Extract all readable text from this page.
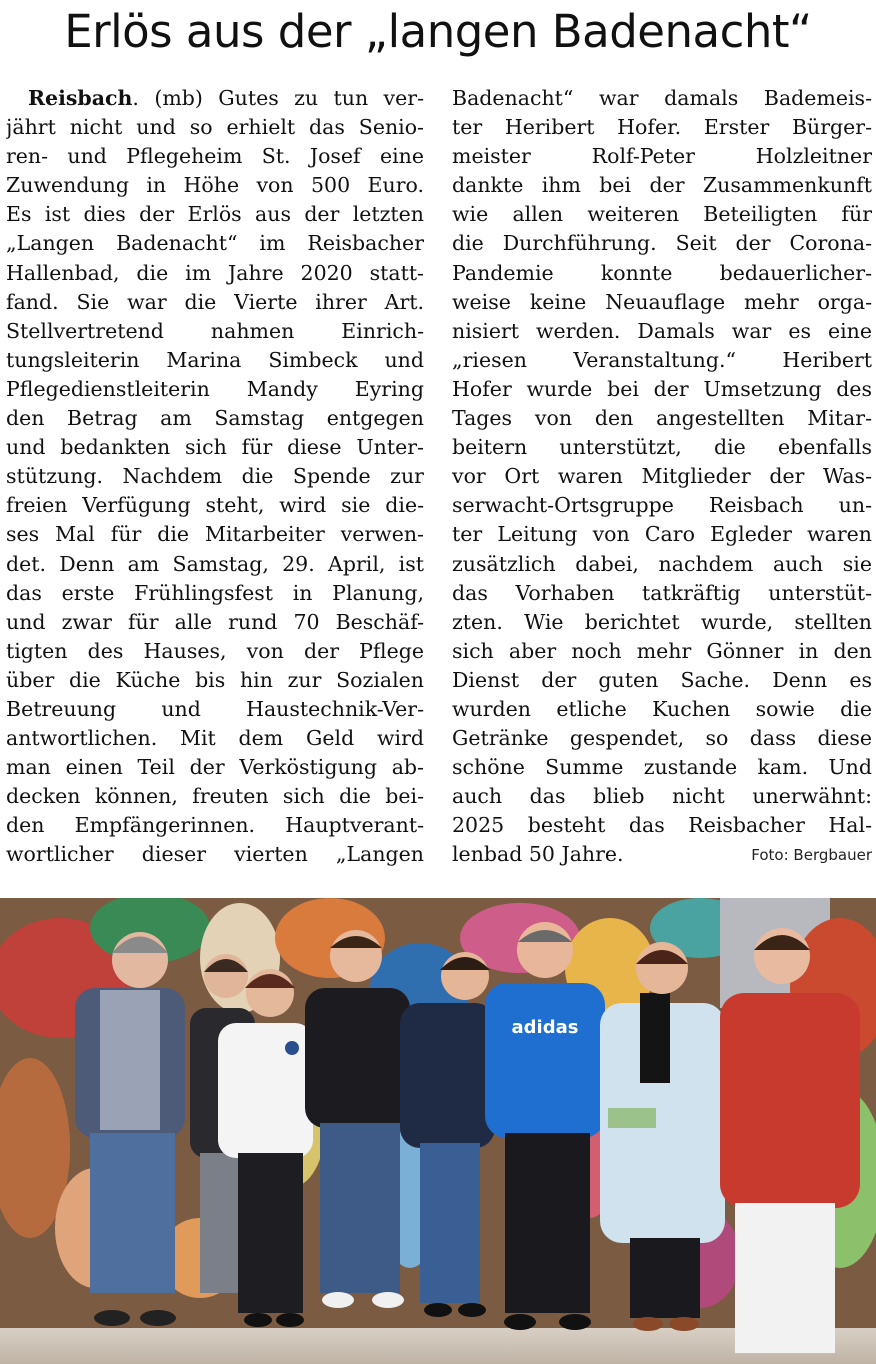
Erlös aus der „langen Badenacht“
Reisbach. (mb) Gutes zu tun ver-
jährt nicht und so erhielt das Senio-
ren- und Pflegeheim St. Josef eine
Zuwendung in Höhe von 500 Euro.
Es ist dies der Erlös aus der letzten
„Langen Badenacht“ im Reisbacher
Hallenbad, die im Jahre 2020 statt-
fand. Sie war die Vierte ihrer Art.
Stellvertretend nahmen Einrich-
tungsleiterin Marina Simbeck und
Pflegedienstleiterin Mandy Eyring
den Betrag am Samstag entgegen
und bedankten sich für diese Unter-
stützung. Nachdem die Spende zur
freien Verfügung steht, wird sie die-
ses Mal für die Mitarbeiter verwen-
det. Denn am Samstag, 29. April, ist
das erste Frühlingsfest in Planung,
und zwar für alle rund 70 Beschäf-
tigten des Hauses, von der Pflege
über die Küche bis hin zur Sozialen
Betreuung und Haustechnik-Ver-
antwortlichen. Mit dem Geld wird
man einen Teil der Verköstigung ab-
decken können, freuten sich die bei-
den Empfängerinnen. Hauptverant-
wortlicher dieser vierten „Langen
Badenacht“ war damals Bademeis-
ter Heribert Hofer. Erster Bürger-
meister Rolf-Peter Holzleitner
dankte ihm bei der Zusammenkunft
wie allen weiteren Beteiligten für
die Durchführung. Seit der Corona-
Pandemie konnte bedauerlicher-
weise keine Neuauflage mehr orga-
nisiert werden. Damals war es eine
„riesen Veranstaltung.“ Heribert
Hofer wurde bei der Umsetzung des
Tages von den angestellten Mitar-
beitern unterstützt, die ebenfalls
vor Ort waren Mitglieder der Was-
serwacht-Ortsgruppe Reisbach un-
ter Leitung von Caro Egleder waren
zusätzlich dabei, nachdem auch sie
das Vorhaben tatkräftig unterstüt-
zten. Wie berichtet wurde, stellten
sich aber noch mehr Gönner in den
Dienst der guten Sache. Denn es
wurden etliche Kuchen sowie die
Getränke gespendet, so dass diese
schöne Summe zustande kam. Und
auch das blieb nicht unerwähnt:
2025 besteht das Reisbacher Hal-
lenbad 50 Jahre.	Foto: Bergbauer
adidas
